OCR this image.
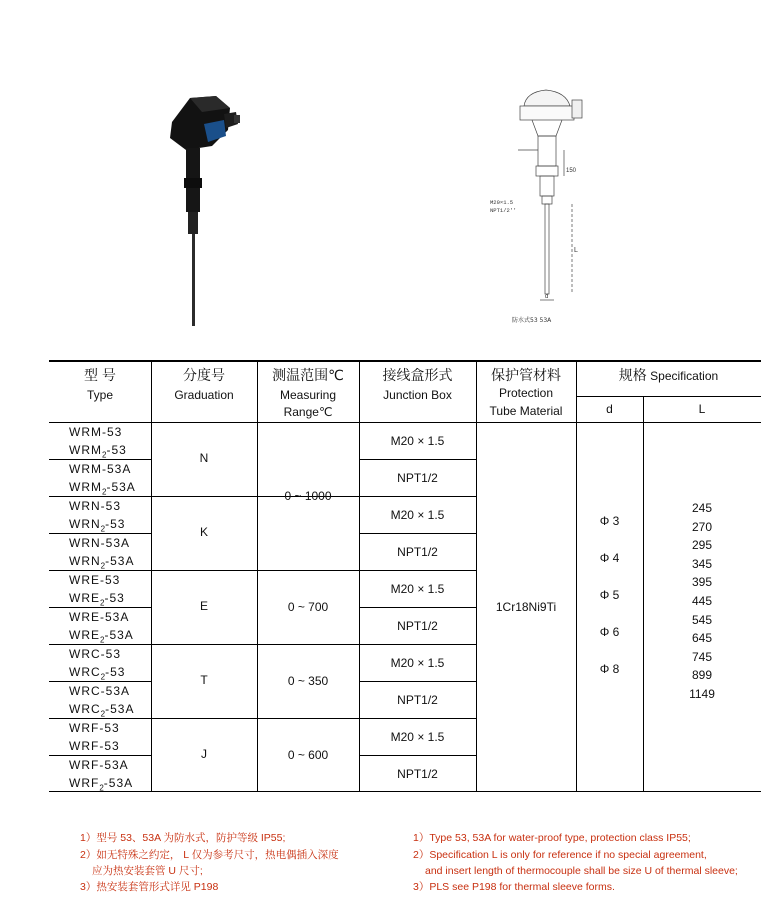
150
L
d
M20×1.5
NPT1/2''
防水式53 53A
型 号
Type
分度号
Graduation
测温范围℃
Measuring
Range℃
接线盒形式
Junction Box
保护管材料
Protection
Tube Material
规格 Specification
d	L
WRM-53
$WRM_2-53$
WRM-53A
$WRM_2-53A$
WRN-53
$WRN_2-53$
WRN-53A
$WRN_2-53A$
WRE-53
$WRE_2-53$
WRE-53A
$WRE_2-53A$
WRC-53
$WRC_2-53$
WRC-53A
$WRC_2-53A$
WRF-53
WRF-53
WRF-53A
$WRF_2-53A$
N
K
E
T
J
0 ~ 1000
0 ~ 700
0 ~ 350
0 ~ 600
M20 × 1.5
NPT1/2
M20 × 1.5
NPT1/2
M20 × 1.5
NPT1/2
M20 × 1.5
NPT1/2
M20 × 1.5
NPT1/2
1Cr18Ni9Ti
Φ 3
Φ 4
Φ 5
Φ 6
Φ 8
245
270
295
345
395
445
545
645
745
899
1149
1）型号 53、53A 为防水式，防护等级 IP55;
2）如无特殊之约定， L 仅为参考尺寸，热电偶插入深度
应为热安装套管 U 尺寸;
3）热安装套管形式详见 P198
1）Type 53, 53A for water-proof type, protection class IP55;
2）Specification L is only for reference if no special agreement,
and insert length of thermocouple shall be size U of thermal sleeve;
3）PLS see P198 for thermal sleeve forms.
